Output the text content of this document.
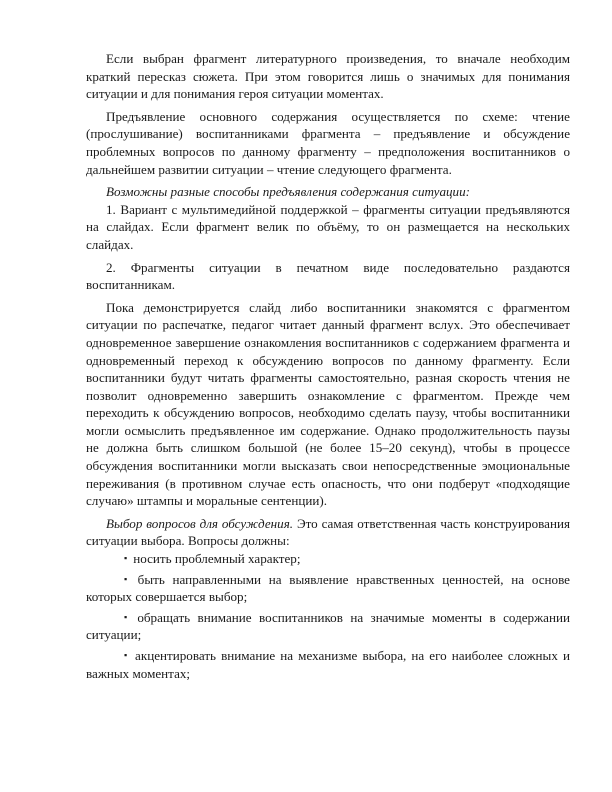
Если выбран фрагмент литературного произведения, то вначале необходим краткий пересказ сюжета. При этом говорится лишь о значимых для понимания ситуации и для понимания героя ситуации моментах.

Предъявление основного содержания осуществляется по схеме: чтение (прослушивание) воспитанниками фрагмента – предъявление и обсуждение проблемных вопросов по данному фрагменту – предположения воспитанников о дальнейшем развитии ситуации – чтение следующего фрагмента.

Возможны разные способы предъявления содержания ситуации:

1. Вариант с мультимедийной поддержкой – фрагменты ситуации предъявляются на слайдах. Если фрагмент велик по объёму, то он размещается на нескольких слайдах.
2. Фрагменты ситуации в печатном виде последовательно раздаются воспитанникам.

Пока демонстрируется слайд либо воспитанники знакомятся с фрагментом ситуации по распечатке, педагог читает данный фрагмент вслух. Это обеспечивает одновременное завершение ознакомления воспитанников с содержанием фрагмента и одновременный переход к обсуждению вопросов по данному фрагменту. Если воспитанники будут читать фрагменты самостоятельно, разная скорость чтения не позволит одновременно завершить ознакомление с фрагментом. Прежде чем переходить к обсуждению вопросов, необходимо сделать паузу, чтобы воспитанники могли осмыслить предъявленное им содержание. Однако продолжительность паузы не должна быть слишком большой (не более 15–20 секунд), чтобы в процессе обсуждения воспитанники могли высказать свои непосредственные эмоциональные переживания (в противном случае есть опасность, что они подберут «подходящие случаю» штампы и моральные сентенции).

Выбор вопросов для обсуждения. Это самая ответственная часть конструирования ситуации выбора. Вопросы должны:

▪ носить проблемный характер;
▪ быть направленными на выявление нравственных ценностей, на основе которых совершается выбор;
▪ обращать внимание воспитанников на значимые моменты в содержании ситуации;
▪ акцентировать внимание на механизме выбора, на его наиболее сложных и важных моментах;
